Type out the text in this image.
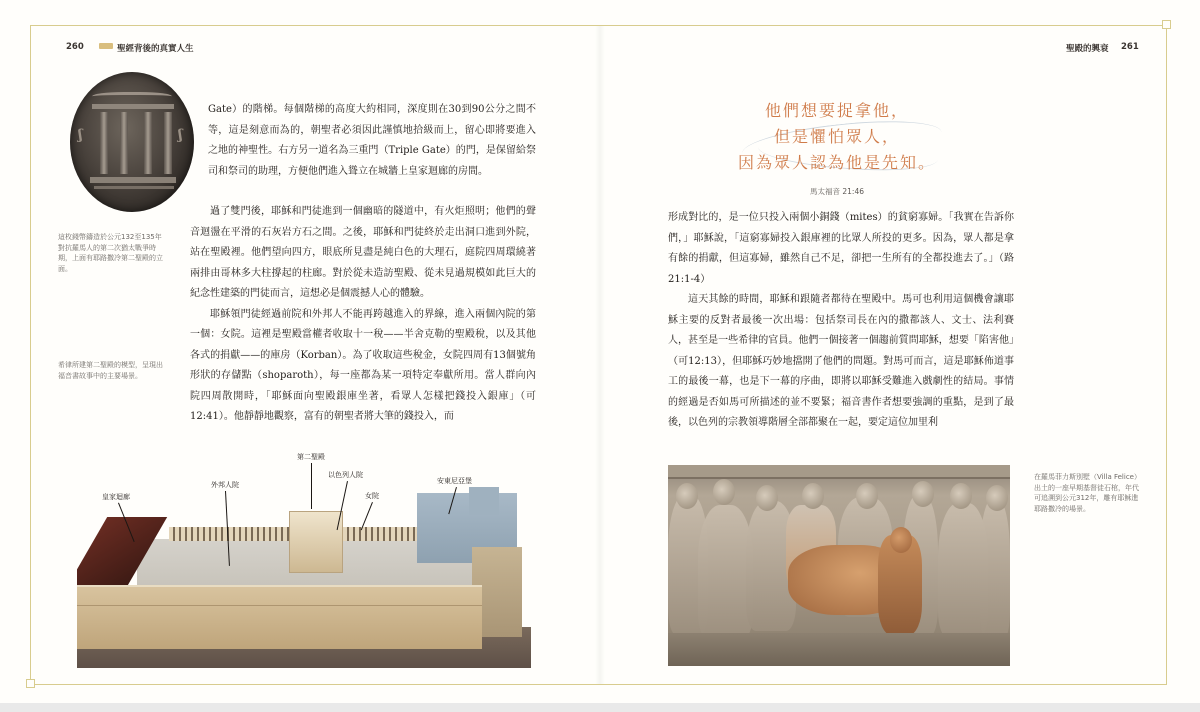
260	聖經背後的真實人生	聖殿的興衰 261
ʃ	ʃ
這枚錢幣鑄造於公元132至135年對抗羅馬人的第二次猶太戰爭時期，上面有耶路撒冷第二聖殿的立面。
希律所建第二聖殿的模型，呈現出福音書故事中的主要場景。

Gate）的階梯。每個階梯的高度大約相同，深度則在30到90公分之間不等，這是刻意而為的，朝聖者必須因此謹慎地拾級而上，留心即將要進入之地的神聖性。右方另一道名為三重門（Triple Gate）的門，是保留給祭司和祭司的助理，方便他們進入聳立在城牆上皇家迴廊的房間。

過了雙門後，耶穌和門徒進到一個幽暗的隧道中，有火炬照明；他們的聲音迴盪在平滑的石灰岩方石之間。之後，耶穌和門徒終於走出洞口進到外院，站在聖殿裡。他們望向四方，眼底所見盡是純白色的大理石，庭院四周環繞著兩排由哥林多大柱撐起的柱廊。對於從未造訪聖殿、從未見過規模如此巨大的紀念性建築的門徒而言，這想必是個震撼人心的體驗。

耶穌領門徒經過前院和外邦人不能再跨越進入的界線，進入兩個內院的第一個：女院。這裡是聖殿當權者收取十一稅——半舍克勒的聖殿稅，以及其他各式的捐獻——的庫房（Korban）。為了收取這些稅金，女院四周有13個號角形狀的存儲點（shoparoth），每一座都為某一項特定奉獻所用。當人群向內院四周散開時，「耶穌面向聖殿銀庫坐著，看眾人怎樣把錢投入銀庫」（可12:41）。他靜靜地觀察，富有的朝聖者將大筆的錢投入，而

皇家迴廊
外邦人院
第二聖殿
以色列人院
女院
安東尼亞堡
他們想要捉拿他，
但是懼怕眾人，
因為眾人認為他是先知。
馬太福音 21:46

形成對比的，是一位只投入兩個小銅錢（mites）的貧窮寡婦。「我實在告訴你們，」耶穌說，「這窮寡婦投入銀庫裡的比眾人所投的更多。因為，眾人都是拿有餘的捐獻，但這寡婦，雖然自己不足，卻把一生所有的全都投進去了。」（路21:1-4）

這天其餘的時間，耶穌和跟隨者都待在聖殿中。馬可也利用這個機會讓耶穌主要的反對者最後一次出場：包括祭司長在內的撒都該人、文士、法利賽人，甚至是一些希律的官員。他們一個接著一個趨前質問耶穌，想要「陷害他」（可12:13），但耶穌巧妙地擋開了他們的問題。對馬可而言，這是耶穌佈道事工的最後一幕，也是下一幕的序曲，即將以耶穌受難進入戲劇性的結局。事情的經過是否如馬可所描述的並不要緊；福音書作者想要強調的重點，是到了最後，以色列的宗教領導階層全部都聚在一起，要定這位加里利

在羅馬菲力斯別墅（Villa Felice）出土的一座早期基督徒石棺，年代可追溯到公元312年，雕有耶穌進耶路撒冷的場景。
